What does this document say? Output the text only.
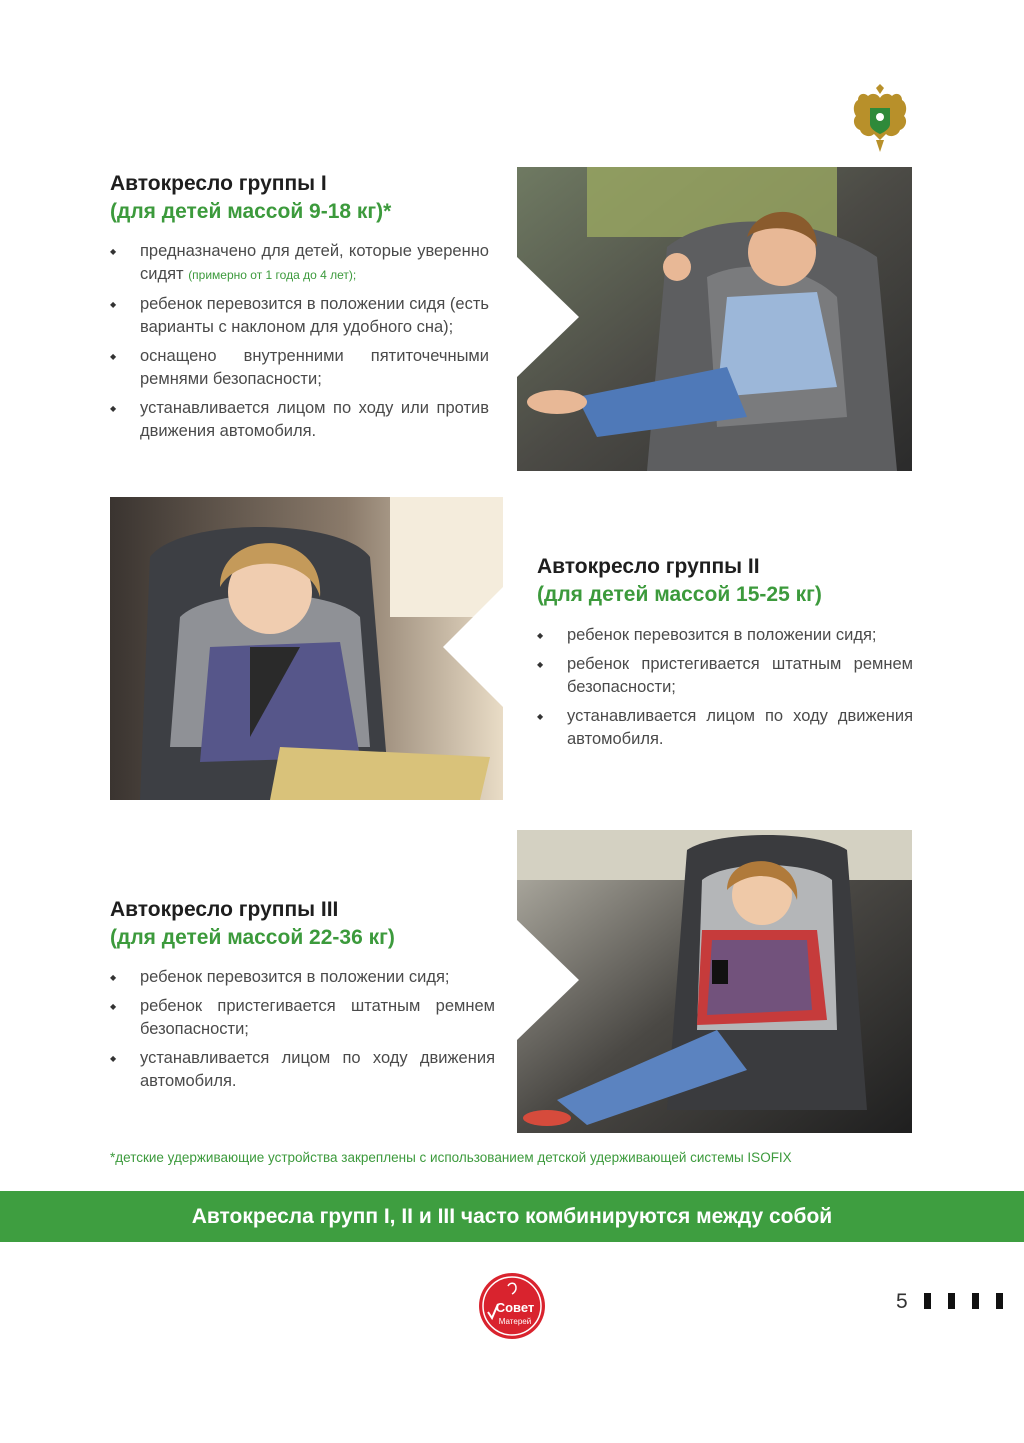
Автокресло группы I
(для детей массой 9-18 кг)*
◆ предназначено для детей, которые уверенно сидят (примерно от 1 года до 4 лет);
◆ ребенок перевозится в положении сидя (есть варианты с наклоном для удобного сна);
◆ оснащено внутренними пятиточечными ремнями безопасности;
◆ устанавливается лицом по ходу или против движения автомобиля.
Автокресло группы II
(для детей массой 15-25 кг)
◆ ребенок перевозится в положении сидя;
◆ ребенок пристегивается штатным ремнем безопасности;
◆ устанавливается лицом по ходу движения автомобиля.
Автокресло группы III
(для детей массой 22-36 кг)
◆ ребенок перевозится в положении сидя;
◆ ребенок пристегивается штатным ремнем безопасности;
◆ устанавливается лицом по ходу движения автомобиля.
*детские удерживающие устройства закреплены с использованием детской удерживающей системы ISOFIX
Автокресла групп I, II и III часто комбинируются между собой
Совет
Матерей
5
